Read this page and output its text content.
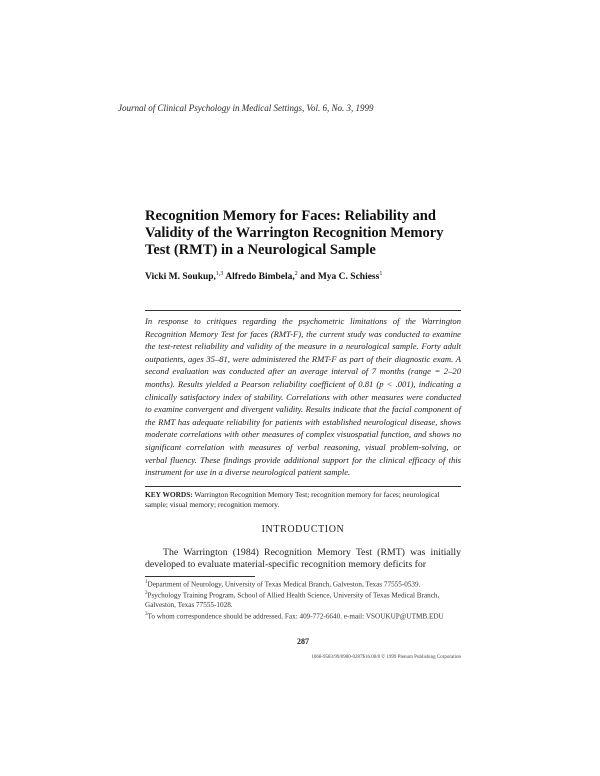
Journal of Clinical Psychology in Medical Settings, Vol. 6, No. 3, 1999
Recognition Memory for Faces: Reliability and Validity of the Warrington Recognition Memory Test (RMT) in a Neurological Sample
Vicki M. Soukup,$^{1,3}$ Alfredo Bimbela,$^2$ and Mya C. Schiess$^1$
In response to critiques regarding the psychometric limitations of the Warrington Recognition Memory Test for faces (RMT-F), the current study was conducted to examine the test-retest reliability and validity of the measure in a neurological sample. Forty adult outpatients, ages 35–81, were administered the RMT-F as part of their diagnostic exam. A second evaluation was conducted after an average interval of 7 months (range = 2–20 months). Results yielded a Pearson reliability coefficient of 0.81 (p < .001), indicating a clinically satisfactory index of stability. Correlations with other measures were conducted to examine convergent and divergent validity. Results indicate that the facial component of the RMT has adequate reliability for patients with established neurological disease, shows moderate correlations with other measures of complex visuospatial function, and shows no significant correlation with measures of verbal reasoning, visual problem-solving, or verbal fluency. These findings provide additional support for the clinical efficacy of this instrument for use in a diverse neurological patient sample.
KEY WORDS: Warrington Recognition Memory Test; recognition memory for faces; neurological sample; visual memory; recognition memory.
INTRODUCTION

The Warrington (1984) Recognition Memory Test (RMT) was initially developed to evaluate material-specific recognition memory deficits for

$^1$Department of Neurology, University of Texas Medical Branch, Galveston, Texas 77555-0539.

$^2$Psychology Training Program, School of Allied Health Science, University of Texas Medical Branch, Galveston, Texas 77555-1028.

$^3$To whom correspondence should be addressed. Fax: 409-772-6640. e-mail: VSOUKUP@UTMB.EDU

287
1068-9583/99/0900-0287$16.00/0 © 1999 Plenum Publishing Corporation
